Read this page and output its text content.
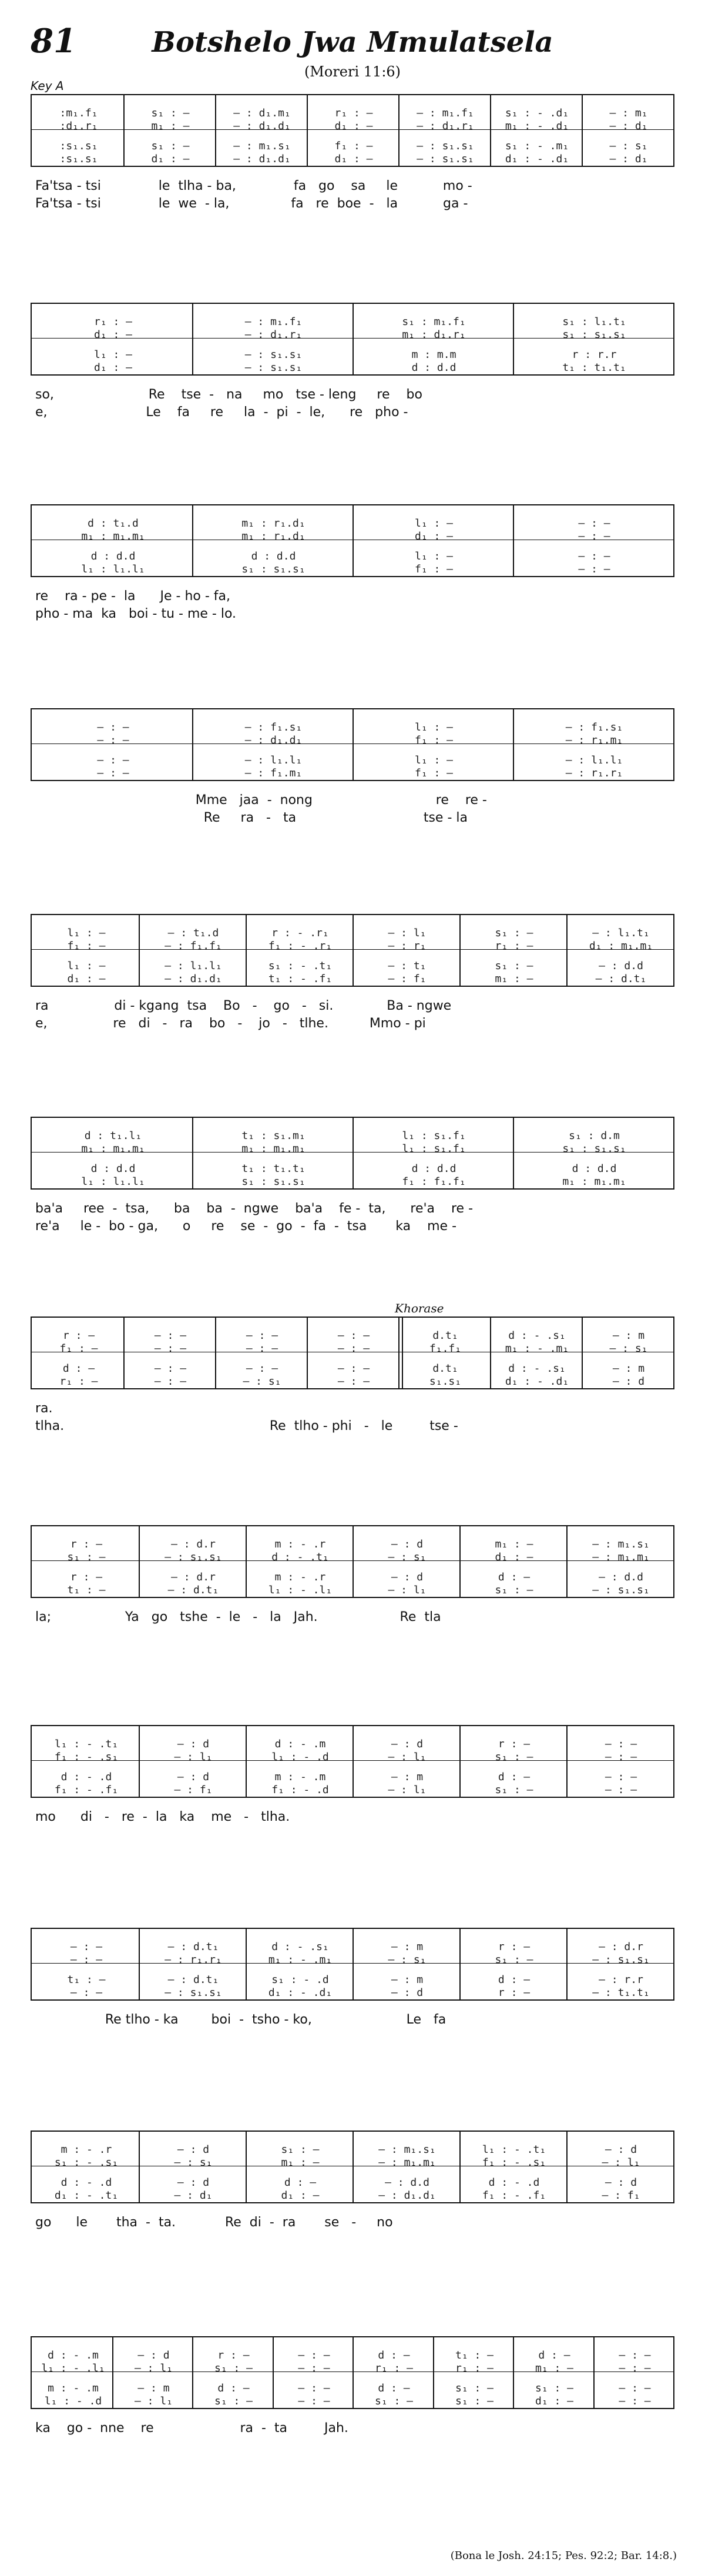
81	Botshelo Jwa Mmulatsela
(Moreri 11:6)
Key A
:m₁.f₁	s₁ : —	— : d₁.m₁	r₁ : —	— : m₁.f₁	s₁ : - .d₁	— : m₁
:d₁.r₁	m₁ : —	— : d₁.d₁	d₁ : —	— : d₁.r₁	m₁ : - .d₁	— : d₁
:s₁.s₁	s₁ : —	— : m₁.s₁	f₁ : —	— : s₁.s₁	s₁ : - .m₁	— : s₁
:s₁.s₁	d₁ : —	— : d₁.d₁	d₁ : —	— : s₁.s₁	d₁ : - .d₁	— : d₁
r₁ : —	— : m₁.f₁	s₁ : m₁.f₁	s₁ : l₁.t₁
d₁ : —	— : d₁.r₁	m₁ : d₁.r₁	s₁ : s₁.s₁
l₁ : —	— : s₁.s₁	m : m.m	r : r.r
d₁ : —	— : s₁.s₁	d : d.d	t₁ : t₁.t₁
d : t₁.d	m₁ : r₁.d₁	l₁ : —	— : —
m₁ : m₁.m₁	m₁ : r₁.d₁	d₁ : —	— : —
d : d.d	d : d.d	l₁ : —	— : —
l₁ : l₁.l₁	s₁ : s₁.s₁	f₁ : —	— : —
— : —	— : f₁.s₁	l₁ : —	— : f₁.s₁
— : —	— : d₁.d₁	f₁ : —	— : r₁.m₁
— : —	— : l₁.l₁	l₁ : —	— : l₁.l₁
— : —	— : f₁.m₁	f₁ : —	— : r₁.r₁
l₁ : —	— : t₁.d	r : - .r₁	— : l₁	s₁ : —	— : l₁.t₁
f₁ : —	— : f₁.f₁	f₁ : - .r₁	— : r₁	r₁ : —	d₁ : m₁.m₁
l₁ : —	— : l₁.l₁	s₁ : - .t₁	— : t₁	s₁ : —	— : d.d
d₁ : —	— : d₁.d₁	t₁ : - .f₁	— : f₁	m₁ : —	— : d.t₁
d : t₁.l₁	t₁ : s₁.m₁	l₁ : s₁.f₁	s₁ : d.m
m₁ : m₁.m₁	m₁ : m₁.m₁	l₁ : s₁.f₁	s₁ : s₁.s₁
d : d.d	t₁ : t₁.t₁	d : d.d	d : d.d
l₁ : l₁.l₁	s₁ : s₁.s₁	f₁ : f₁.f₁	m₁ : m₁.m₁
r : —	— : —	— : —	— : —	d.t₁	d : - .s₁	— : m
f₁ : —	— : —	— : —	— : —	f₁.f₁	m₁ : - .m₁	— : s₁
d : —	— : —	— : —	— : —	d.t₁	d : - .s₁	— : m
r₁ : —	— : —	— : s₁	— : —	s₁.s₁	d₁ : - .d₁	— : d
r : —	— : d.r	m : - .r	— : d	m₁ : —	— : m₁.s₁
s₁ : —	— : s₁.s₁	d : - .t₁	— : s₁	d₁ : —	— : m₁.m₁
r : —	— : d.r	m : - .r	— : d	d : —	— : d.d
t₁ : —	— : d.t₁	l₁ : - .l₁	— : l₁	s₁ : —	— : s₁.s₁
l₁ : - .t₁	— : d	d : - .m	— : d	r : —	— : —
f₁ : - .s₁	— : l₁	l₁ : - .d	— : l₁	s₁ : —	— : —
d : - .d	— : d	m : - .m	— : m	d : —	— : —
f₁ : - .f₁	— : f₁	f₁ : - .d	— : l₁	s₁ : —	— : —
— : —	— : d.t₁	d : - .s₁	— : m	r : —	— : d.r
— : —	— : r₁.r₁	m₁ : - .m₁	— : s₁	s₁ : —	— : s₁.s₁
t₁ : —	— : d.t₁	s₁ : - .d	— : m	d : —	— : r.r
— : —	— : s₁.s₁	d₁ : - .d₁	— : d	r : —	— : t₁.t₁
m : - .r	— : d	s₁ : —	— : m₁.s₁	l₁ : - .t₁	— : d
s₁ : - .s₁	— : s₁	m₁ : —	— : m₁.m₁	f₁ : - .s₁	— : l₁
d : - .d	— : d	d : —	— : d.d	d : - .d	— : d
d₁ : - .t₁	— : d₁	d₁ : —	— : d₁.d₁	f₁ : - .f₁	— : f₁
d : - .m	— : d	r : —	— : —	d : —	t₁ : —	d : —	— : —
l₁ : - .l₁	— : l₁	s₁ : —	— : —	r₁ : —	r₁ : —	m₁ : —	— : —
m : - .m	— : m	d : —	— : —	d : —	s₁ : —	s₁ : —	— : —
l₁ : - .d	— : l₁	s₁ : —	— : —	s₁ : —	s₁ : —	d₁ : —	— : —
(Bona le Josh. 24:15; Pes. 92:2; Bar. 14:8.)
Fa'tsa - tsi              le  tlha - ba,              fa   go    sa     le           mo -
Fa'tsa - tsi              le  we  - la,               fa   re  boe  -   la           ga -
so,                       Re    tse  -   na     mo   tse - leng     re    bo
e,                        Le    fa     re     la  -  pi  -  le,      re   pho -
re    ra - pe -  la      Je - ho - fa,
pho - ma  ka   boi - tu - me - lo.
Mme   jaa  -  nong                              re    re -
Re     ra   -   ta                               tse - la
ra                di - kgang  tsa    Bo   -    go   -   si.             Ba - ngwe
e,                re   di   -   ra    bo   -    jo   -   tlhe.          Mmo - pi
ba'a     ree  -  tsa,      ba    ba  -  ngwe    ba'a    fe -  ta,      re'a    re -
re'a     le -  bo - ga,      o     re    se  -  go  -  fa  -  tsa       ka    me -
Khorase
ra.
tlha.                                                  Re  tlho - phi   -   le         tse -
la;                  Ya   go   tshe  -  le   -   la   Jah.                    Re  tla
mo      di   -   re  -  la   ka    me   -   tlha.
Re tlho - ka        boi  -  tsho - ko,                       Le   fa
go      le       tha  -  ta.            Re  di  -  ra       se   -     no
ka    go -  nne    re                     ra  -  ta         Jah.
